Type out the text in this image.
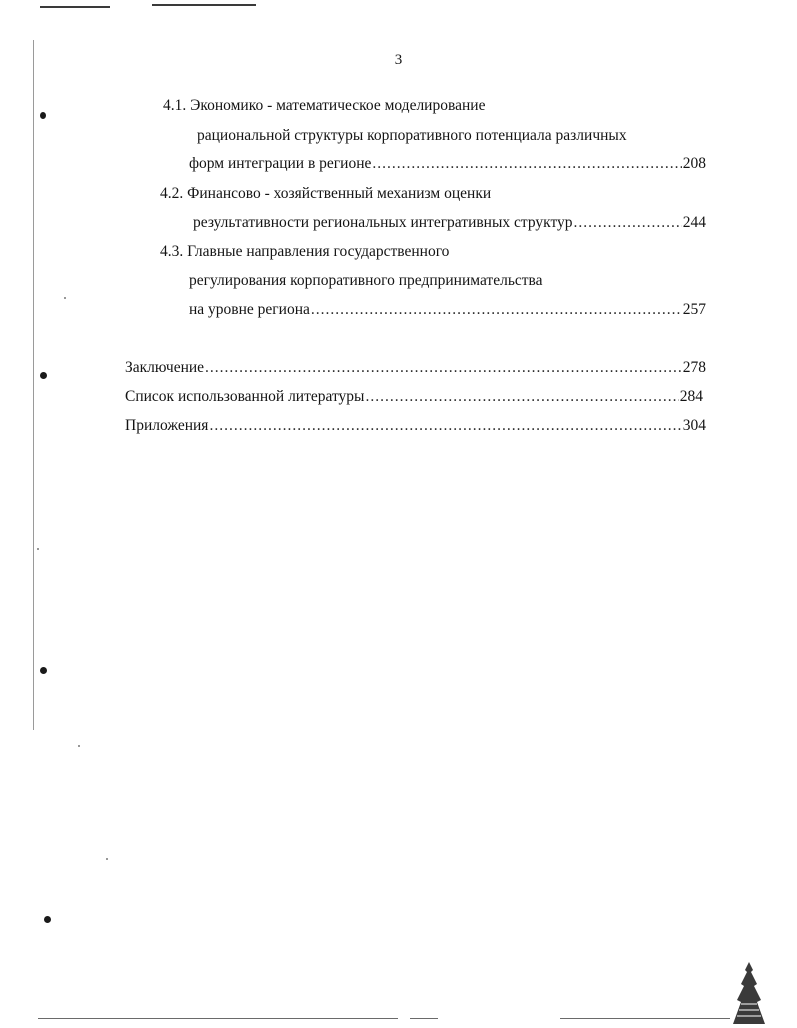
3
4.1. Экономико - математическое моделирование
рациональной структуры корпоративного потенциала различных
форм интеграции в регионе .....	208
4.2. Финансово - хозяйственный механизм оценки
результативности региональных интегративных структур .....	244
4.3. Главные направления государственного
регулирования корпоративного предпринимательства
на уровне региона .....	257
Заключение .....	278
Список использованной литературы .....	284
Приложения .....	304
